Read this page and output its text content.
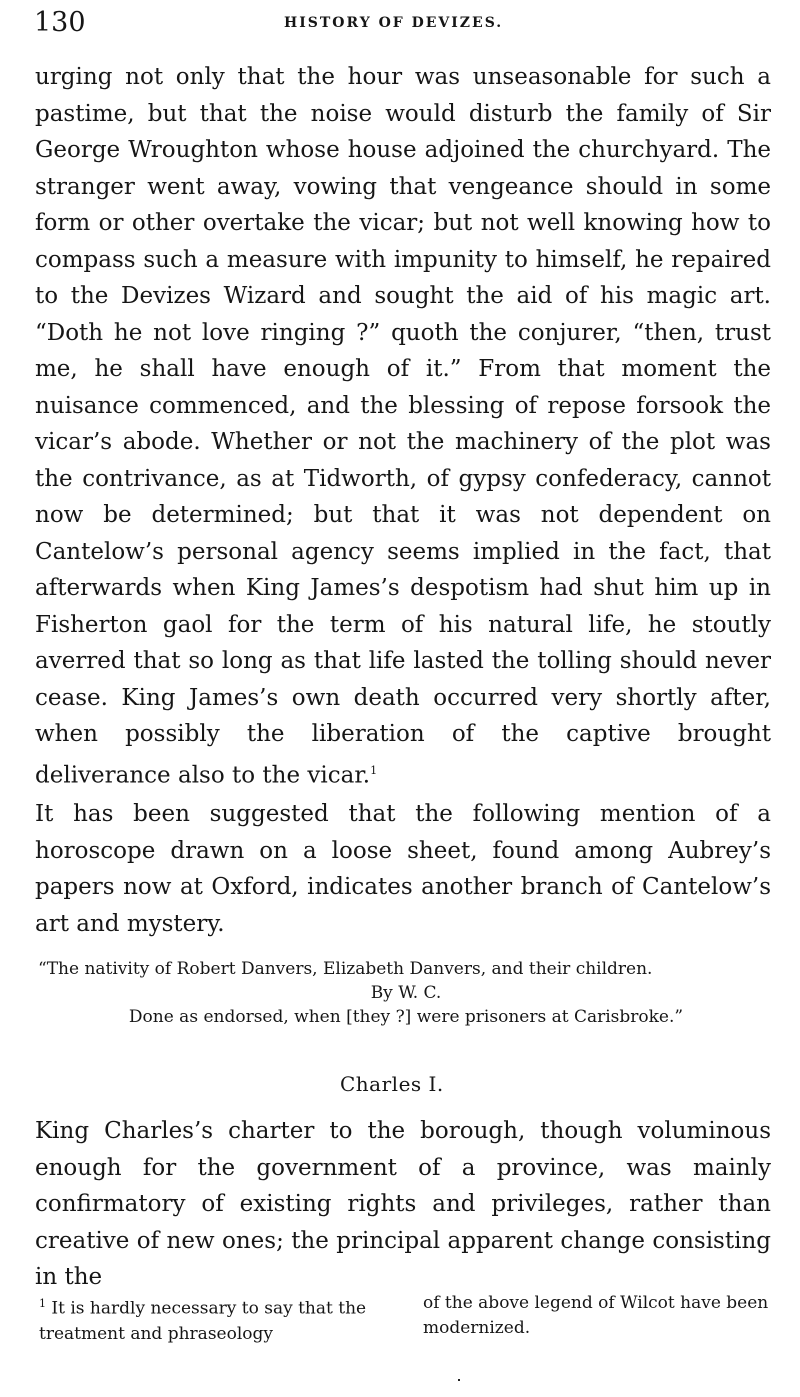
130	HISTORY OF DEVIZES.
urging not only that the hour was unseasonable for such a pastime, but that the noise would disturb the family of Sir George Wroughton whose house adjoined the churchyard. The stranger went away, vowing that vengeance should in some form or other overtake the vicar; but not well knowing how to compass such a measure with impunity to himself, he repaired to the Devizes Wizard and sought the aid of his magic art. “Doth he not love ringing ?” quoth the conjurer, “then, trust me, he shall have enough of it.” From that moment the nuisance commenced, and the blessing of repose forsook the vicar’s abode. Whether or not the machinery of the plot was the contrivance, as at Tidworth, of gypsy confederacy, cannot now be determined; but that it was not dependent on Cantelow’s personal agency seems implied in the fact, that afterwards when King James’s despotism had shut him up in Fisherton gaol for the term of his natural life, he stoutly averred that so long as that life lasted the tolling should never cease. King James’s own death occurred very shortly after, when possibly the liberation of the captive brought deliverance also to the vicar.$^1$
It has been suggested that the following mention of a horoscope drawn on a loose sheet, found among Aubrey’s papers now at Oxford, indicates another branch of Cantelow’s art and mystery.
“The nativity of Robert Danvers, Elizabeth Danvers, and their children.
By W. C.
Done as endorsed, when [they ?] were prisoners at Carisbroke.”
Charles I.
King Charles’s charter to the borough, though voluminous enough for the government of a province, was mainly confirmatory of existing rights and privileges, rather than creative of new ones; the principal apparent change consisting in the
$^1$ It is hardly necessary to say that the treatment and phraseology
of the above legend of Wilcot have been modernized.
